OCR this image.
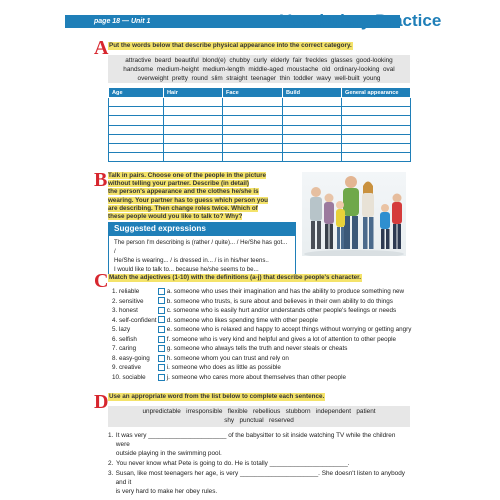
page 18 — Unit 1	Vocabulary Practice
A Put the words below that describe physical appearance into the correct category.
attractive  beard  beautiful  blond(e)  chubby  curly  elderly  fair  freckles  glasses  good-looking
handsome  medium-height  medium-length  middle-aged  moustache  old  ordinary-looking  oval
overweight  pretty  round  slim  straight  teenager  thin  toddler  wavy  well-built  young
Age	Hair	Face	Build	General appearance

B Talk in pairs. Choose one of the people in the picture
without telling your partner. Describe (in detail)
the person's appearance and the clothes he/she is
wearing. Your partner has to guess which person you
are describing. Then change roles twice. Which of
these people would you like to talk to? Why?
Suggested expressions
The person I'm describing is (rather / quite)... / He/She has got... /
He/She is wearing... / is dressed in... / is in his/her teens..
I would like to talk to... because he/she seems to be...
C Match the adjectives (1-10) with the definitions (a-j) that describe people's character.
1. reliable	a. someone who uses their imagination and has the ability to produce something new
2. sensitive	b. someone who trusts, is sure about and believes in their own ability to do things
3. honest	c. someone who is easily hurt and/or understands other people's feelings or needs
4. self-confident d. someone who likes spending time with other people
5. lazy	e. someone who is relaxed and happy to accept things without worrying or getting angry
6. selfish	f. someone who is very kind and helpful and gives a lot of attention to other people
7. caring	g. someone who always tells the truth and never steals or cheats
8. easy-going	h. someone whom you can trust and rely on
9. creative	i. someone who does as little as possible
10. sociable	j. someone who cares more about themselves than other people
D Use an appropriate word from the list below to complete each sentence.
unpredictable   irresponsible   flexible   rebellious   stubborn   independent   patient
shy   punctual   reserved
1. It was very ______________________ of the babysitter to sit inside watching TV while the children were
outside playing in the swimming pool.
2. You never know what Pete is going to do. He is totally ______________________.
3. Susan, like most teenagers her age, is very ______________________. She doesn't listen to anybody and it
is very hard to make her obey rules.
